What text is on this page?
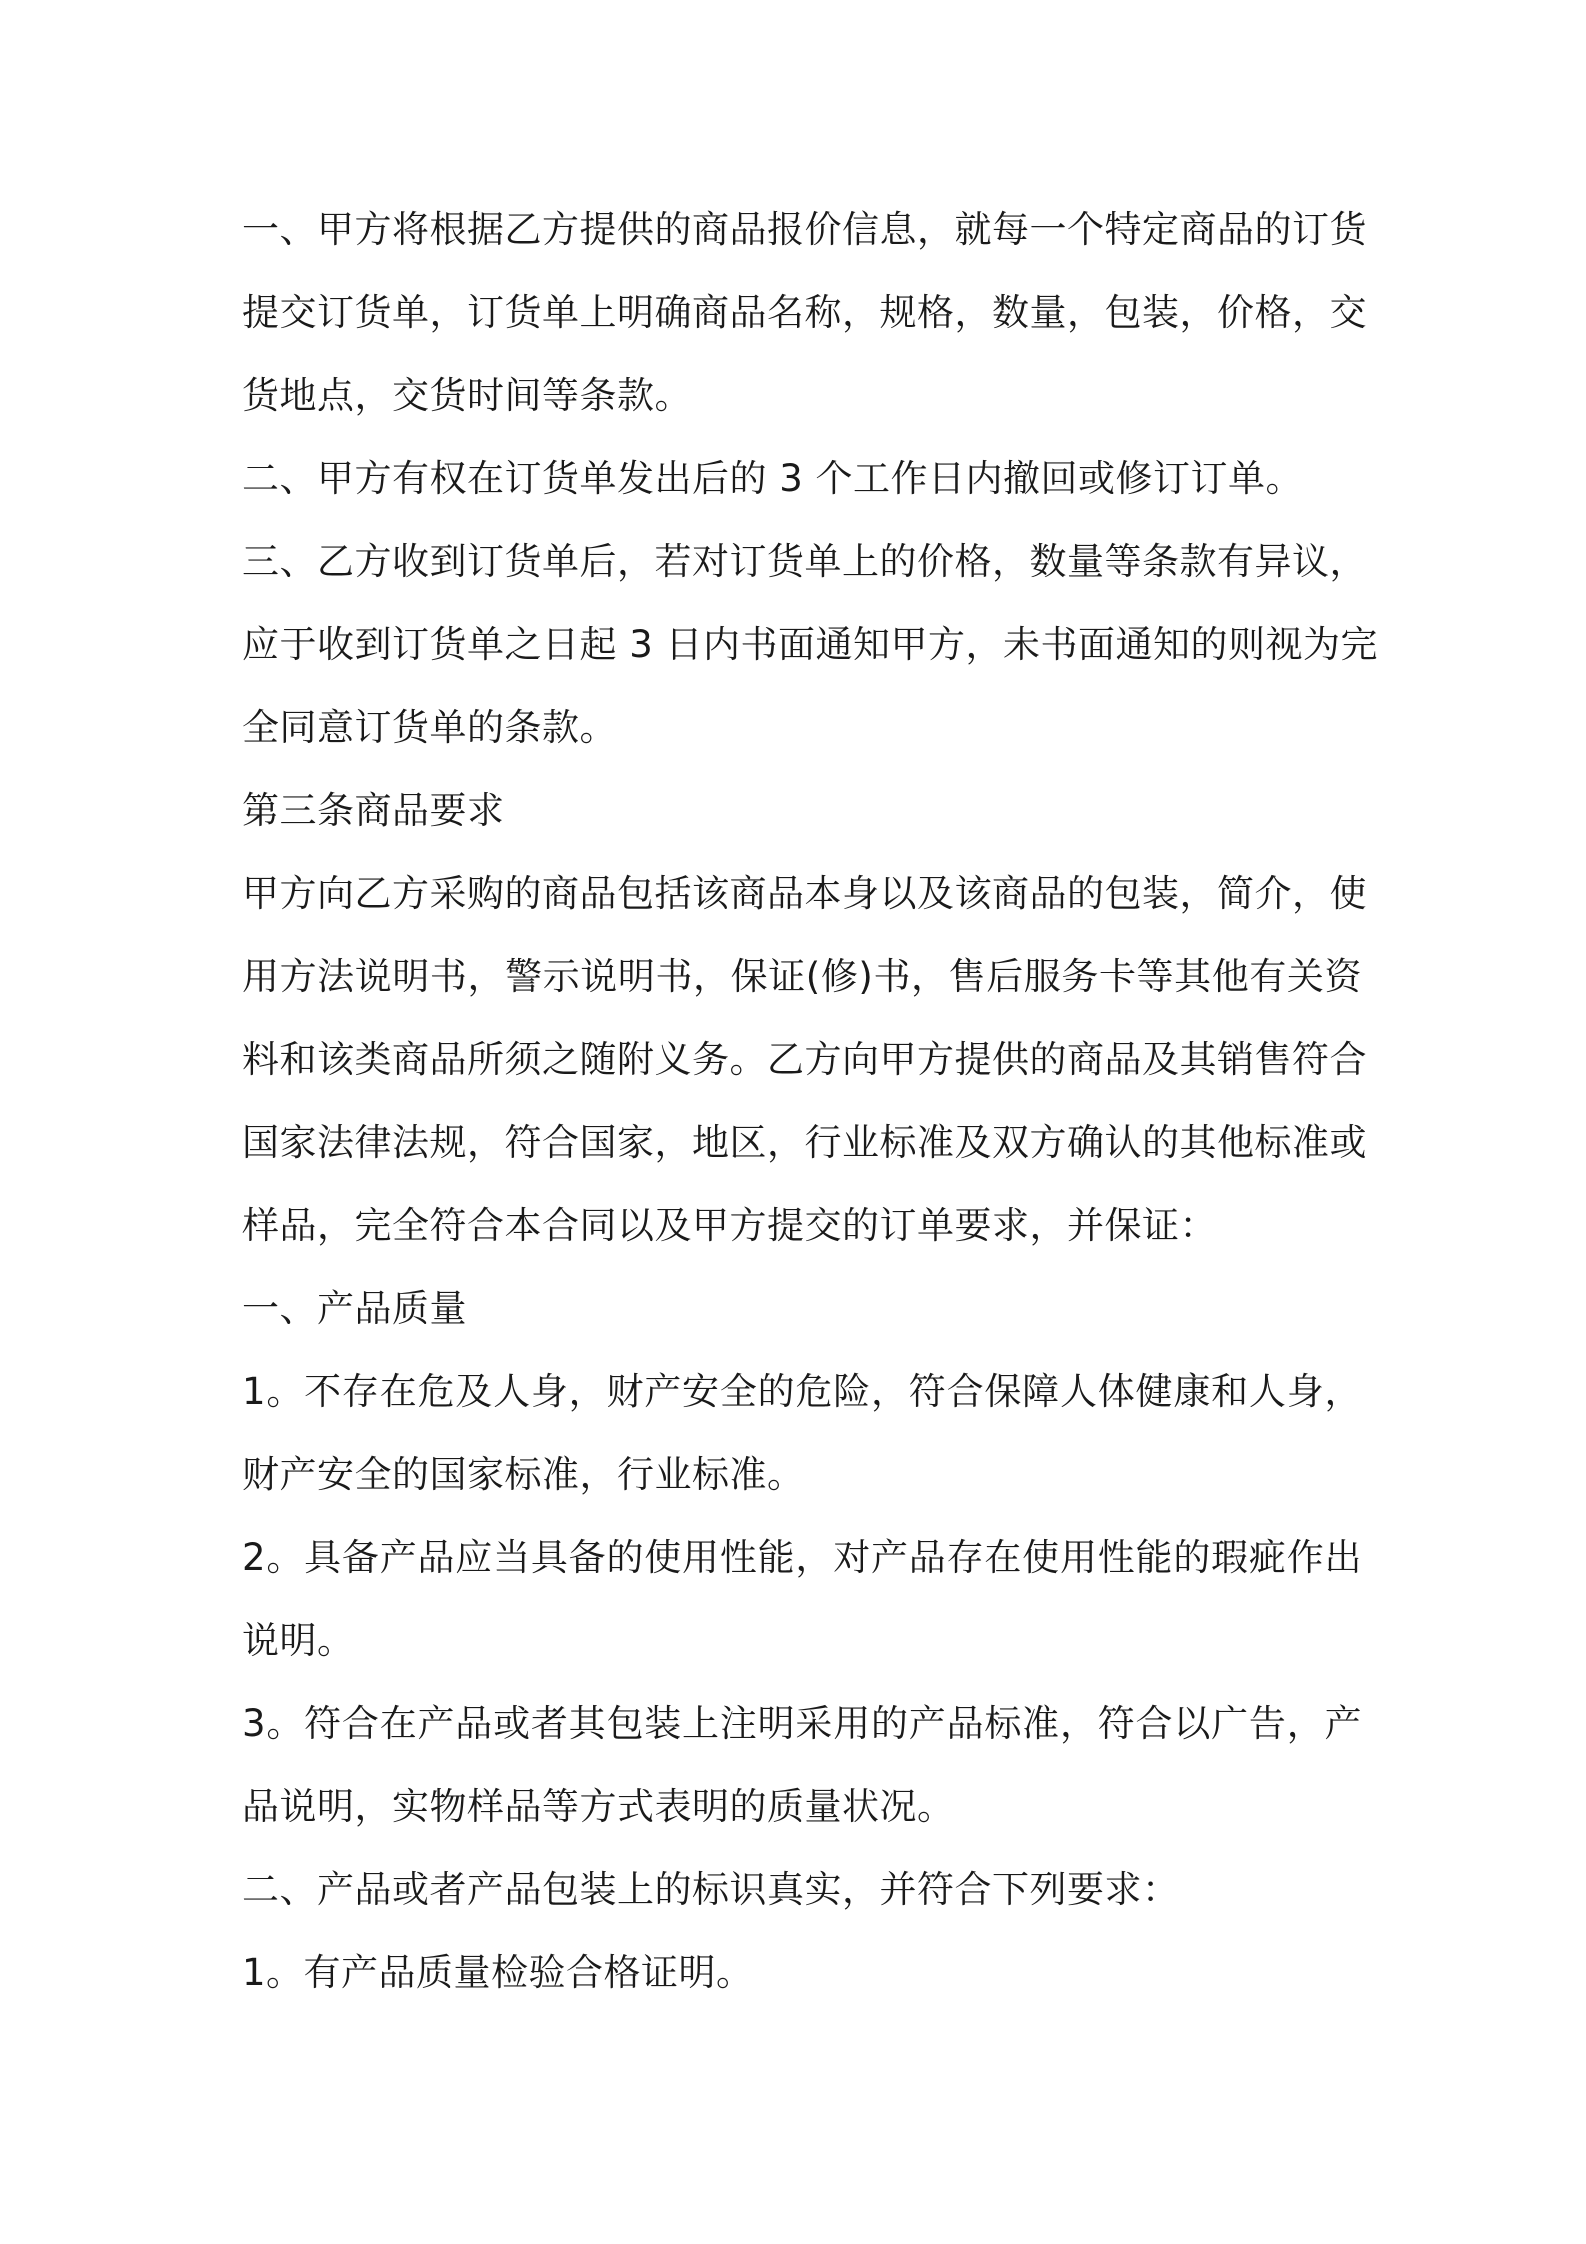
一、甲方将根据乙方提供的商品报价信息，就每一个特定商品的订货
提交订货单，订货单上明确商品名称，规格，数量，包装，价格，交
货地点，交货时间等条款。
二、甲方有权在订货单发出后的 3 个工作日内撤回或修订订单。
三、乙方收到订货单后，若对订货单上的价格，数量等条款有异议，
应于收到订货单之日起 3 日内书面通知甲方，未书面通知的则视为完
全同意订货单的条款。
第三条商品要求
甲方向乙方采购的商品包括该商品本身以及该商品的包装，简介，使
用方法说明书，警示说明书，保证(修)书，售后服务卡等其他有关资
料和该类商品所须之随附义务。乙方向甲方提供的商品及其销售符合
国家法律法规，符合国家，地区，行业标准及双方确认的其他标准或
样品，完全符合本合同以及甲方提交的订单要求，并保证：
一、产品质量
1。不存在危及人身，财产安全的危险，符合保障人体健康和人身，
财产安全的国家标准，行业标准。
2。具备产品应当具备的使用性能，对产品存在使用性能的瑕疵作出
说明。
3。符合在产品或者其包装上注明采用的产品标准，符合以广告，产
品说明，实物样品等方式表明的质量状况。
二、产品或者产品包装上的标识真实，并符合下列要求：
1。有产品质量检验合格证明。
